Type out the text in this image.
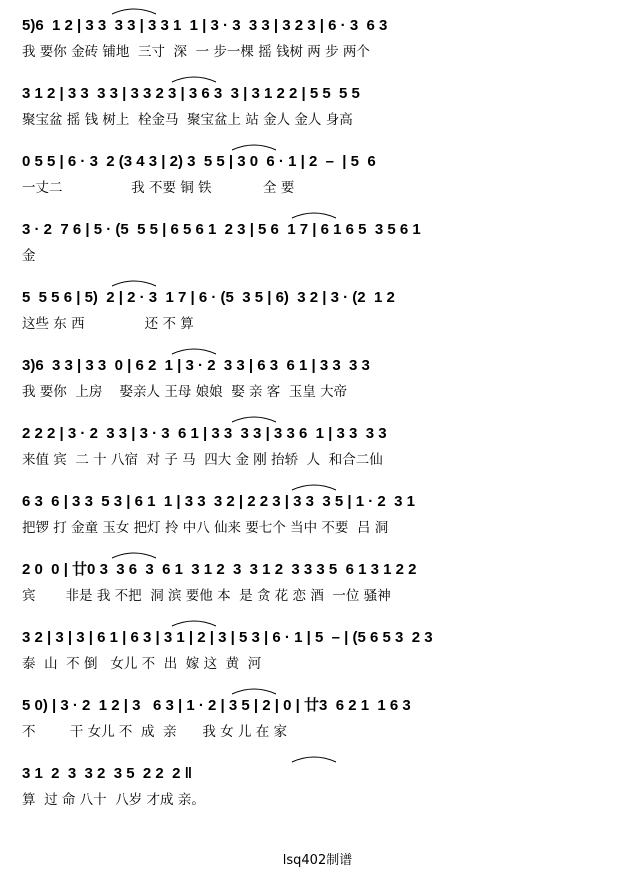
5)6  1 2 | 3 3  3 3 | 3 3 1  1 | 3 · 3  3 3 | 3 2 3 | 6 · 3  6 3
我 要你 金砖 铺地  三寸  深  一 步一棵 摇 钱树 两 步 两个
3 1 2 | 3 3  3 3 | 3 3 2 3 | 3 6 3  3 | 3 1 2 2 | 5 5  5 5
聚宝盆 摇 钱 树上  栓金马  聚宝盆上 站 金人 金人 身高
0 5 5 | 6 · 3  2 (3 4 3 | 2) 3  5 5 | 3 0  6 · 1 | 2  –  | 5  6
一丈二                我 不要 铜 铁            全 要
3 · 2  7 6 | 5 · (5  5 5 | 6 5 6 1  2 3 | 5 6  1 7 | 6 1 6 5  3 5 6 1
金
5  5 5 6 | 5)  2 | 2 · 3  1 7 | 6 · (5  3 5 | 6)  3 2 | 3 · (2  1 2
这些 东 西              还 不 算
3)6  3 3 | 3 3  0 | 6 2  1 | 3 · 2  3 3 | 6 3  6 1 | 3 3  3 3
我 要你  上房    娶亲人 王母 娘娘  娶 亲 客  玉皇 大帝
2 2 2 | 3 · 2  3 3 | 3 · 3  6 1 | 3 3  3 3 | 3 3 6  1 | 3 3  3 3
来值 宾  二 十 八宿  对 子 马  四大 金 刚 抬轿  人  和合二仙
6 3  6 | 3 3  5 3 | 6 1  1 | 3 3  3 2 | 2 2 3 | 3 3  3 5 | 1 · 2  3 1
把锣 打 金童 玉女 把灯 拎 中八 仙来 要七个 当中 不要  吕 洞
2 0  0 | 廿0 3  3 6  3  6 1  3 1 2  3  3 1 2  3 3 3 5  6 1 3 1 2 2
宾       非是 我 不把  洞 滨 要他 本  是 贪 花 恋 酒  一位 骚神
3 2 | 3 | 3 | 6 1 | 6 3 | 3 1 | 2 | 3 | 5 3 | 6 · 1 | 5  – | (5 6 5 3  2 3
泰  山  不 倒   女儿 不  出  嫁 这  黄  河
5 0) | 3 · 2  1 2 | 3   6 3 | 1 · 2 | 3 5 | 2 | 0 | 廿3  6 2 1  1 6 3
不        干 女儿 不  成  亲      我 女 儿 在 家
3 1  2  3  3 2  3 5  2 2  2 ‖
算  过 命 八十  八岁 才成 亲。
lsq402制谱
